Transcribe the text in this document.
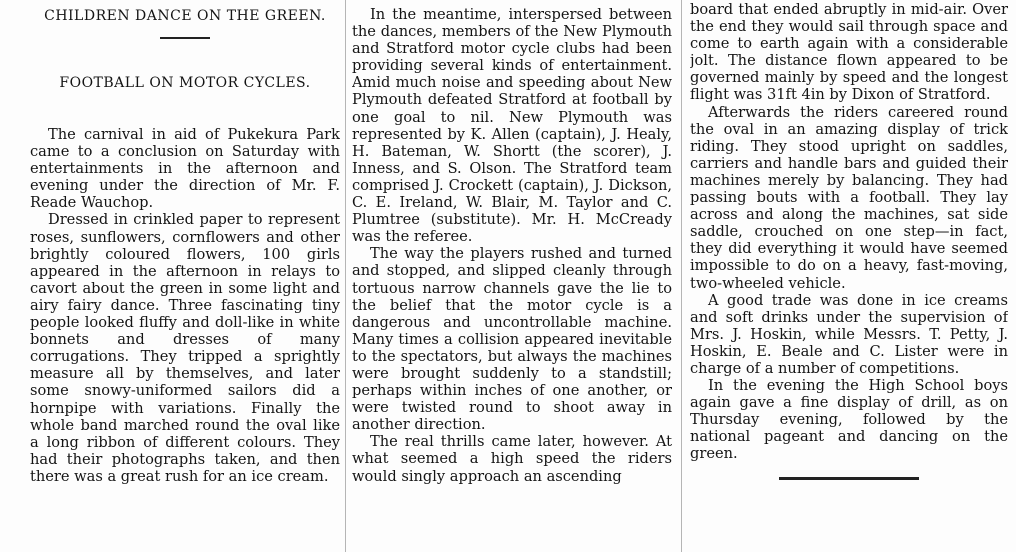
CHILDREN DANCE ON THE GREEN.
FOOTBALL ON MOTOR CYCLES.

The carnival in aid of Pukekura Park came to a conclusion on Saturday with entertainments in the afternoon and evening under the direction of Mr. F. Reade Wauchop.

Dressed in crinkled paper to represent roses, sunflowers, cornflowers and other brightly coloured flowers, 100 girls appeared in the afternoon in relays to cavort about the green in some light and airy fairy dance. Three fascinating tiny people looked fluffy and doll-like in white bonnets and dresses of many corrugations. They tripped a sprightly measure all by themselves, and later some snowy-uniformed sailors did a hornpipe with variations. Finally the whole band marched round the oval like a long ribbon of different colours. They had their photographs taken, and then there was a great rush for an ice cream.

In the meantime, interspersed between the dances, members of the New Plymouth and Stratford motor cycle clubs had been providing several kinds of entertainment. Amid much noise and speeding about New Plymouth defeated Stratford at football by one goal to nil. New Plymouth was represented by K. Allen (captain), J. Healy, H. Bateman, W. Shortt (the scorer), J. Inness, and S. Olson. The Stratford team comprised J. Crockett (captain), J. Dickson, C. E. Ireland, W. Blair, M. Taylor and C. Plumtree (substitute). Mr. H. McCready was the referee.

The way the players rushed and turned and stopped, and slipped cleanly through tortuous narrow channels gave the lie to the belief that the motor cycle is a dangerous and uncontrollable machine. Many times a collision appeared inevitable to the spectators, but always the machines were brought suddenly to a standstill; perhaps within inches of one another, or were twisted round to shoot away in another direction.

The real thrills came later, however. At what seemed a high speed the riders would singly approach an ascending

board that ended abruptly in mid-air. Over the end they would sail through space and come to earth again with a considerable jolt. The distance flown appeared to be governed mainly by speed and the longest flight was 31ft 4in by Dixon of Stratford.

Afterwards the riders careered round the oval in an amazing display of trick riding. They stood upright on saddles, carriers and handle bars and guided their machines merely by balancing. They had passing bouts with a football. They lay across and along the machines, sat side saddle, crouched on one step—in fact, they did everything it would have seemed impossible to do on a heavy, fast-moving, two-wheeled vehicle.

A good trade was done in ice creams and soft drinks under the supervision of Mrs. J. Hoskin, while Messrs. T. Petty, J. Hoskin, E. Beale and C. Lister were in charge of a number of competitions.

In the evening the High School boys again gave a fine display of drill, as on Thursday evening, followed by the national pageant and dancing on the green.
